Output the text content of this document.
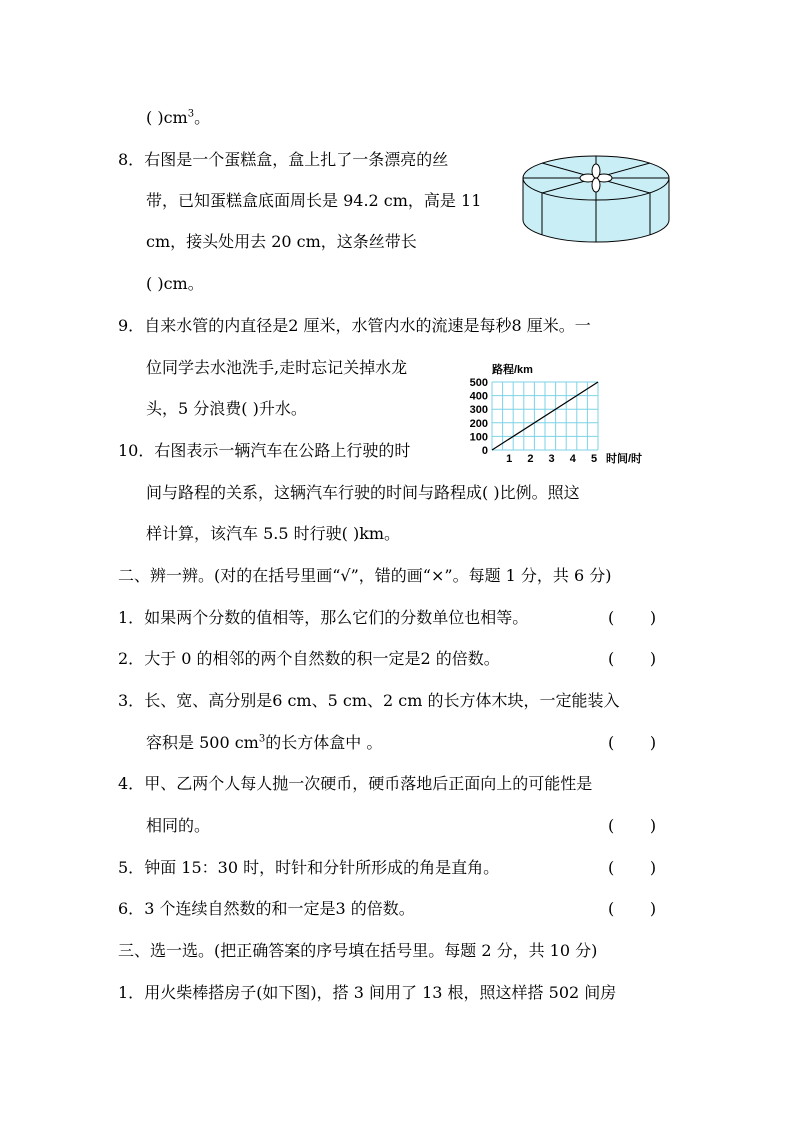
( )$cm^3$。
8．右图是一个蛋糕盒，盒上扎了一条漂亮的丝
带，已知蛋糕盒底面周长是 94.2 cm，高是 11
cm，接头处用去 20 cm，这条丝带长
( )cm。
9．自来水管的内直径是2 厘米，水管内水的流速是每秒8 厘米。一
位同学去水池洗手,走时忘记关掉水龙
头，5 分浪费( )升水。
路程/km
0
100
200
300
400
500
1 2 3 4 5 时间/时
10．右图表示一辆汽车在公路上行驶的时
间与路程的关系，这辆汽车行驶的时间与路程成( )比例。照这
样计算，该汽车 5.5 时行驶( )km。
二、辨一辨。(对的在括号里画“√”，错的画“×”。每题 1 分，共 6 分)
1．如果两个分数的值相等，那么它们的分数单位也相等。	(       )
2．大于 0 的相邻的两个自然数的积一定是2 的倍数。	(       )
3．长、宽、高分别是6 cm、5 cm、2 cm 的长方体木块，一定能装入
容积是 500 $cm^3$的长方体盒中 。	(       )
4．甲、乙两个人每人抛一次硬币，硬币落地后正面向上的可能性是
相同的。	(       )
5．钟面 15：30 时，时针和分针所形成的角是直角。	(       )
6．3 个连续自然数的和一定是3 的倍数。	(       )
三、选一选。(把正确答案的序号填在括号里。每题 2 分，共 10 分)
1．用火柴棒搭房子(如下图)，搭 3 间用了 13 根，照这样搭 502 间房
